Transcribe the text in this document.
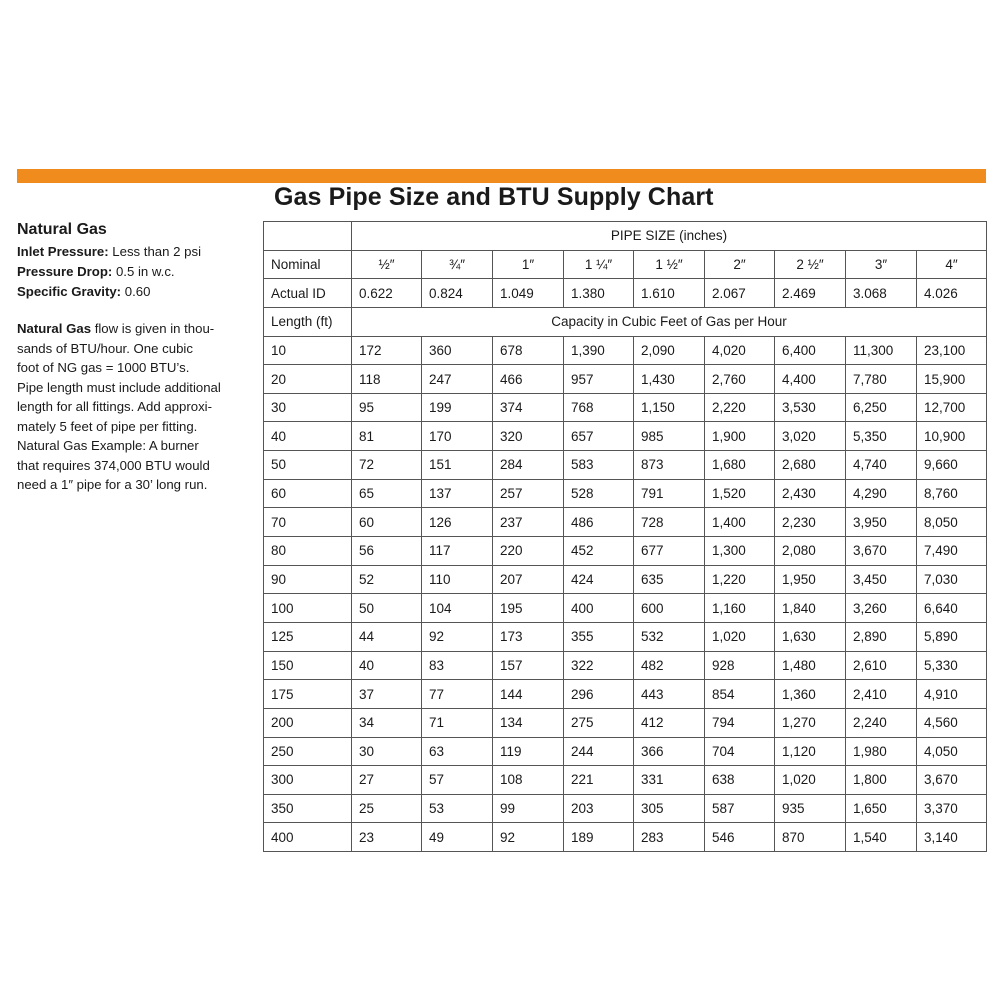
Gas Pipe Size and BTU Supply Chart
Natural Gas
Inlet Pressure: Less than 2 psi
Pressure Drop: 0.5 in w.c.
Specific Gravity: 0.60
Natural Gas flow is given in thou-
sands of BTU/hour. One cubic
foot of NG gas = 1000 BTU’s.
Pipe length must include additional
length for all fittings. Add approxi-
mately 5 feet of pipe per fitting.
Natural Gas Example: A burner
that requires 374,000 BTU would
need a 1″ pipe for a 30’ long run.
	PIPE SIZE (inches)								
Nominal	½″	¾″	1″	1 ¼″	1 ½″	2″	2 ½″	3″	4″
Actual ID	0.622	0.824	1.049	1.380	1.610	2.067	2.469	3.068	4.026
Length (ft)	Capacity in Cubic Feet of Gas per Hour								
10	172	360	678	1,390	2,090	4,020	6,400	11,300	23,100
20	118	247	466	957	1,430	2,760	4,400	7,780	15,900
30	95	199	374	768	1,150	2,220	3,530	6,250	12,700
40	81	170	320	657	985	1,900	3,020	5,350	10,900
50	72	151	284	583	873	1,680	2,680	4,740	9,660
60	65	137	257	528	791	1,520	2,430	4,290	8,760
70	60	126	237	486	728	1,400	2,230	3,950	8,050
80	56	117	220	452	677	1,300	2,080	3,670	7,490
90	52	110	207	424	635	1,220	1,950	3,450	7,030
100	50	104	195	400	600	1,160	1,840	3,260	6,640
125	44	92	173	355	532	1,020	1,630	2,890	5,890
150	40	83	157	322	482	928	1,480	2,610	5,330
175	37	77	144	296	443	854	1,360	2,410	4,910
200	34	71	134	275	412	794	1,270	2,240	4,560
250	30	63	119	244	366	704	1,120	1,980	4,050
300	27	57	108	221	331	638	1,020	1,800	3,670
350	25	53	99	203	305	587	935	1,650	3,370
400	23	49	92	189	283	546	870	1,540	3,140
